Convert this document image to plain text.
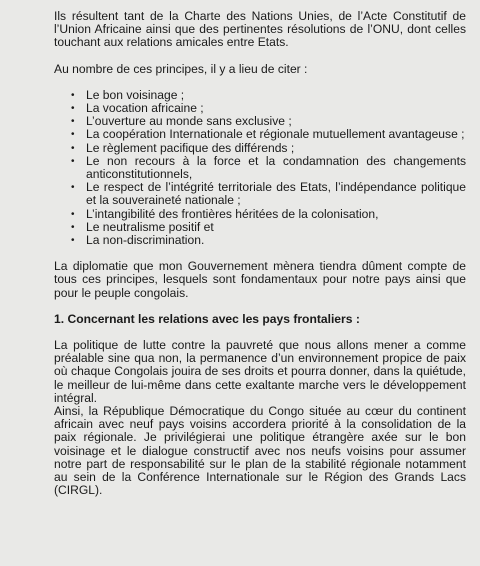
Ils résultent tant de la Charte des Nations Unies, de l’Acte Constitutif de l’Union Africaine ainsi que des pertinentes résolutions de l’ONU, dont celles touchant aux relations amicales entre Etats.

Au nombre de ces principes, il y a lieu de citer :

• Le bon voisinage ;
• La vocation africaine ;
• L’ouverture au monde sans exclusive ;
• La coopération Internationale et régionale mutuellement avantageuse ;
• Le règlement pacifique des différends ;
• Le non recours à la force et la condamnation des changements anticonstitutionnels,
• Le respect de l’intégrité territoriale des Etats, l’indépendance politique et la souveraineté nationale ;
• L’intangibilité des frontières héritées de la colonisation,
• Le neutralisme positif et
• La non-discrimination.

La diplomatie que mon Gouvernement mènera tiendra dûment compte de tous ces principes, lesquels sont fondamentaux pour notre pays ainsi que pour le peuple congolais.

1. Concernant les relations avec les pays frontaliers :

La politique de lutte contre la pauvreté que nous allons mener a comme préalable sine qua non, la permanence d’un environnement propice de paix où chaque Congolais jouira de ses droits et pourra donner, dans la quiétude, le meilleur de lui-même dans cette exaltante marche vers le développement intégral.

Ainsi, la République Démocratique du Congo située au cœur du continent africain avec neuf pays voisins accordera priorité à la consolidation de la paix régionale. Je privilégierai une politique étrangère axée sur le bon voisinage et le dialogue constructif avec nos neufs voisins pour assumer notre part de responsabilité sur le plan de la stabilité régionale notamment au sein de la Conférence Internationale sur le Région des Grands Lacs (CIRGL).
